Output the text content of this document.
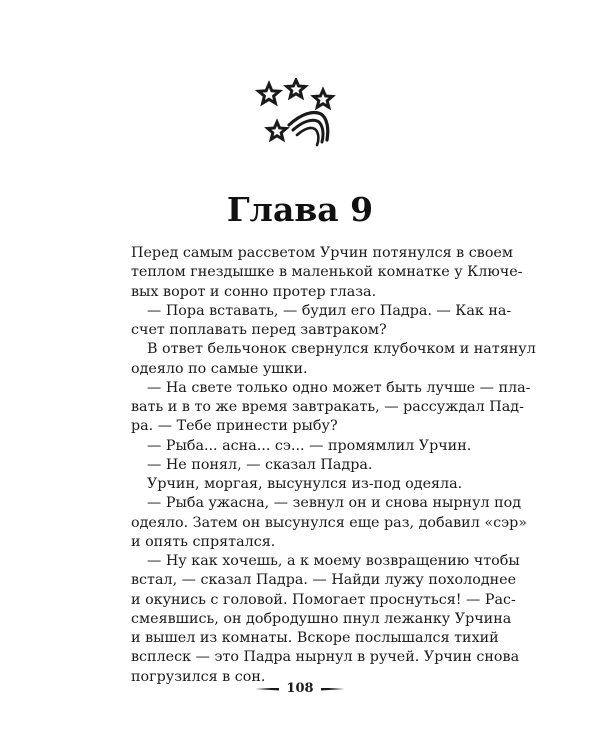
Глава 9
Перед самым рассветом Урчин потянулся в своем
теплом гнездышке в маленькой комнатке у Ключе-
вых ворот и сонно протер глаза.
— Пора вставать, — будил его Падра. — Как на-
счет поплавать перед завтраком?
В ответ бельчонок свернулся клубочком и натянул
одеяло по самые ушки.
— На свете только одно может быть лучше — пла-
вать и в то же время завтракать, — рассуждал Пад-
ра. — Тебе принести рыбу?
— Рыба... асна... сэ... — промямлил Урчин.
— Не понял, — сказал Падра.
Урчин, моргая, высунулся из-под одеяла.
— Рыба ужасна, — зевнул он и снова нырнул под
одеяло. Затем он высунулся еще раз, добавил «сэр»
и опять спрятался.
— Ну как хочешь, а к моему возвращению чтобы
встал, — сказал Падра. — Найди лужу похолоднее
и окунись с головой. Помогает проснуться! — Рас-
смеявшись, он добродушно пнул лежанку Урчина
и вышел из комнаты. Вскоре послышался тихий
всплеск — это Падра нырнул в ручей. Урчин снова
погрузился в сон.
108
